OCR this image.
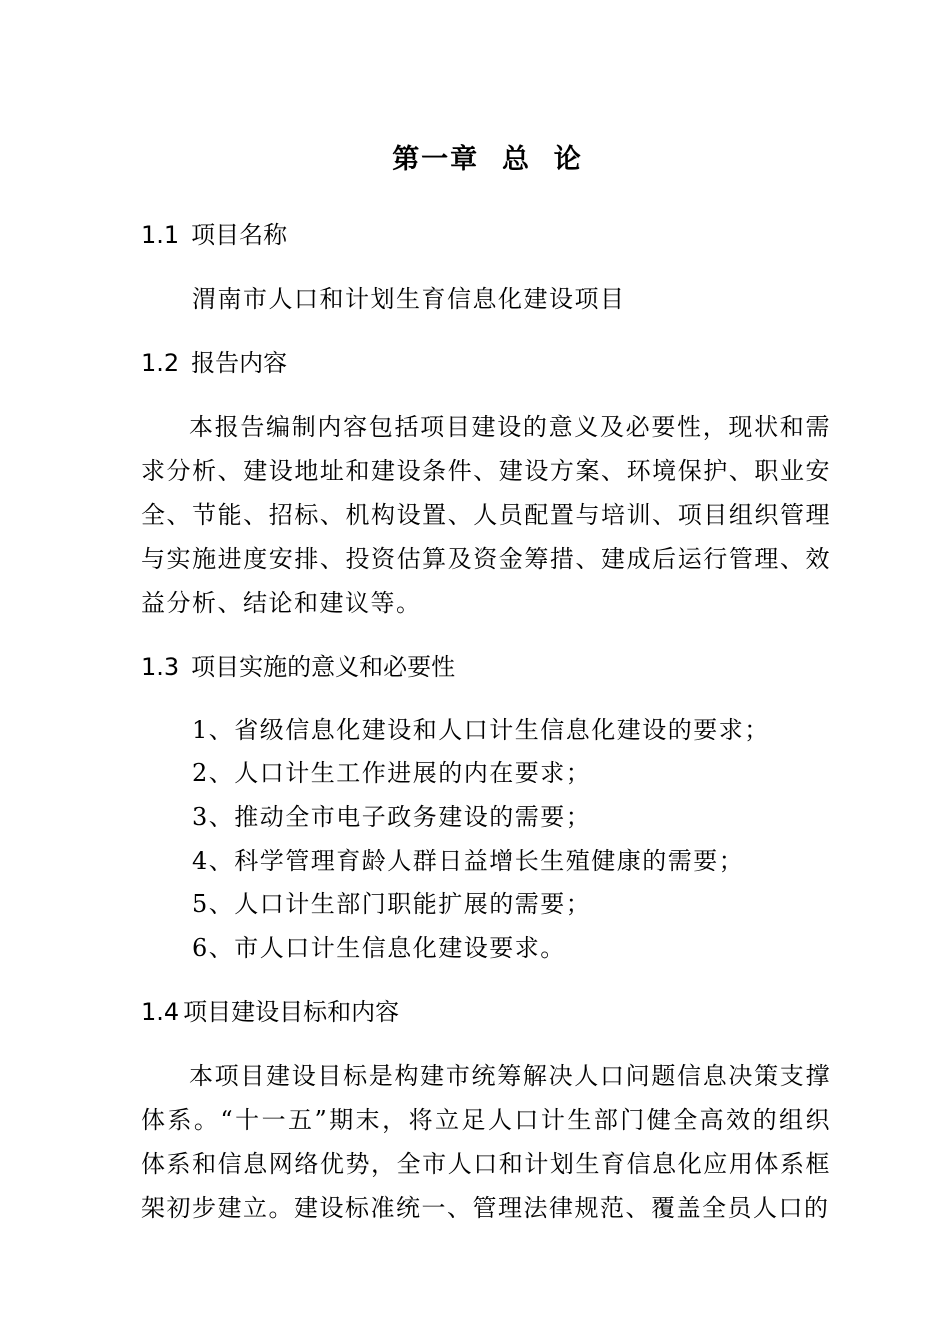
第一章  总  论
1.1 项目名称
渭南市人口和计划生育信息化建设项目
1.2 报告内容
本报告编制内容包括项目建设的意义及必要性，现状和需求分析、建设地址和建设条件、建设方案、环境保护、职业安全、节能、招标、机构设置、人员配置与培训、项目组织管理与实施进度安排、投资估算及资金筹措、建成后运行管理、效益分析、结论和建议等。
1.3 项目实施的意义和必要性
1、省级信息化建设和人口计生信息化建设的要求；
2、人口计生工作进展的内在要求；
3、推动全市电子政务建设的需要；
4、科学管理育龄人群日益增长生殖健康的需要；
5、人口计生部门职能扩展的需要；
6、市人口计生信息化建设要求。
1.4 项目建设目标和内容
本项目建设目标是构建市统筹解决人口问题信息决策支撑体系。“十一五”期末，将立足人口计生部门健全高效的组织体系和信息网络优势，全市人口和计划生育信息化应用体系框架初步建立。建设标准统一、管理法律规范、覆盖全员人口的
